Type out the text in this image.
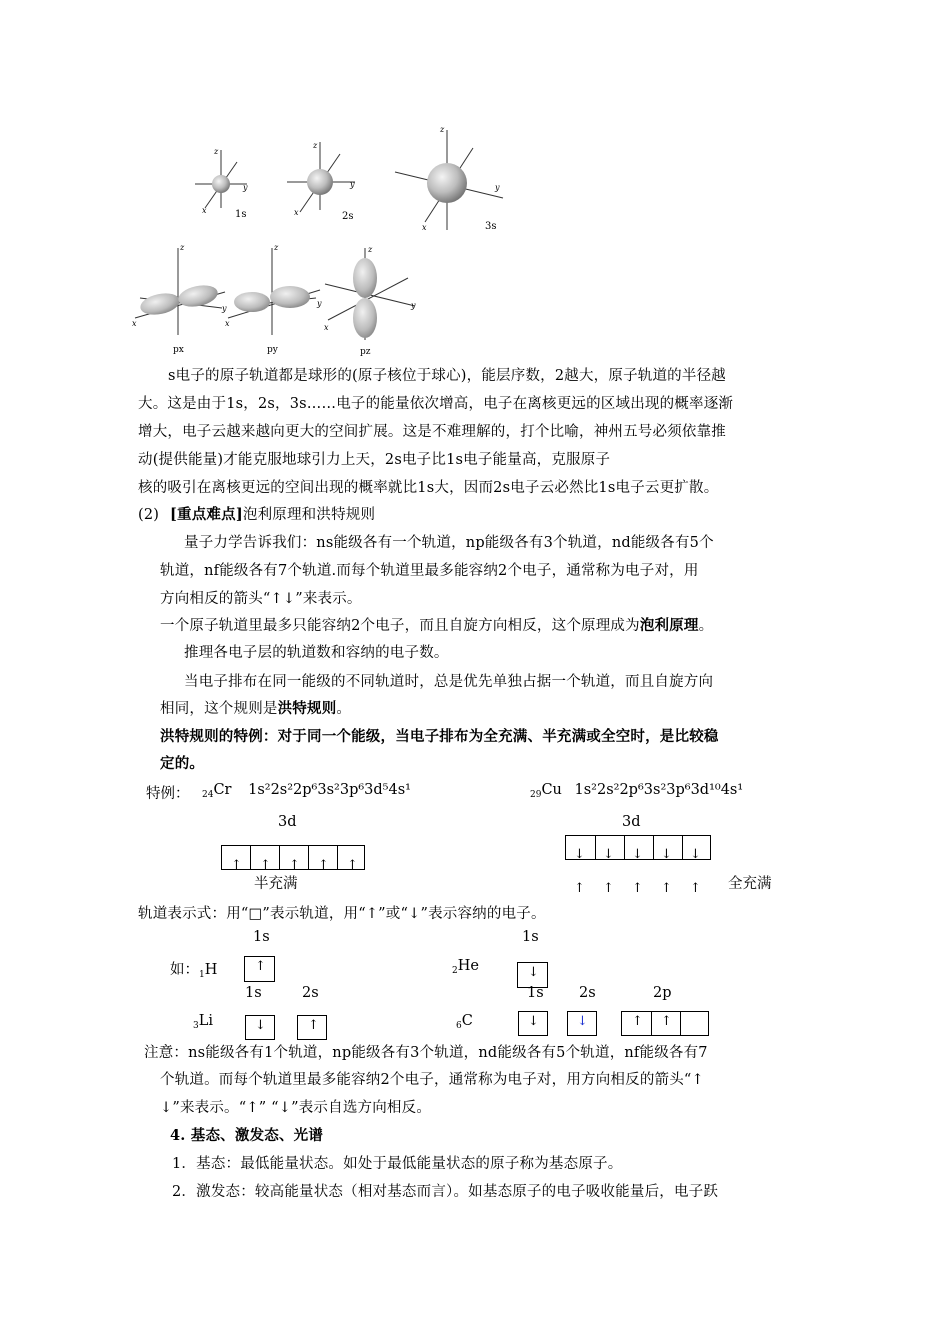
1s
z
x
y
2s
z
x
y
3s
z
x
y
z
x
y
px
z
x
y
py
z
x
y
pz
s电子的原子轨道都是球形的(原子核位于球心)，能层序数，2越大，原子轨道的半径越
大。这是由于1s，2s，3s……电子的能量依次增高，电子在离核更远的区域出现的概率逐渐
增大，电子云越来越向更大的空间扩展。这是不难理解的，打个比喻，神州五号必须依靠推
动(提供能量)才能克服地球引力上天，2s电子比1s电子能量高，克服原子
核的吸引在离核更远的空间出现的概率就比1s大，因而2s电子云必然比1s电子云更扩散。
(2) [重点难点]泡利原理和洪特规则
量子力学告诉我们：ns能级各有一个轨道，np能级各有3个轨道，nd能级各有5个
轨道，nf能级各有7个轨道.而每个轨道里最多能容纳2个电子，通常称为电子对，用
方向相反的箭头“↑↓”来表示。
一个原子轨道里最多只能容纳2个电子，而且自旋方向相反，这个原理成为泡利原理。
推理各电子层的轨道数和容纳的电子数。
当电子排布在同一能级的不同轨道时，总是优先单独占据一个轨道，而且自旋方向
相同，这个规则是洪特规则。
洪特规则的特例：对于同一个能级，当电子排布为全充满、半充满或全空时，是比较稳
定的。
特例： $_{24}$Cr 1s²2s²2p⁶3s²3p⁶3d⁵4s¹	$_{29}$Cu 1s²2s²2p⁶3s²3p⁶3d¹⁰4s¹
3d	3d
↑ ↑ ↑ ↑ ↑
半充满
↓ ↓ ↓ ↓ ↓
↑ ↑ ↑ ↑ ↑ 全充满
轨道表示式：用“□”表示轨道，用“↑”或“↓”表示容纳的电子。
1s	1s
如：$_1$H	↑	$_2$He	↓
1s	2s	1s 2s	2p
$_3$Li	↓	↑	$_6$C	↓	↓	↑ ↑
注意：ns能级各有1个轨道，np能级各有3个轨道，nd能级各有5个轨道，nf能级各有7
个轨道。而每个轨道里最多能容纳2个电子，通常称为电子对，用方向相反的箭头“↑
↓”来表示。“↑” “↓”表示自选方向相反。
4. 基态、激发态、光谱
1．基态：最低能量状态。如处于最低能量状态的原子称为基态原子。
2．激发态：较高能量状态（相对基态而言）。如基态原子的电子吸收能量后，电子跃
